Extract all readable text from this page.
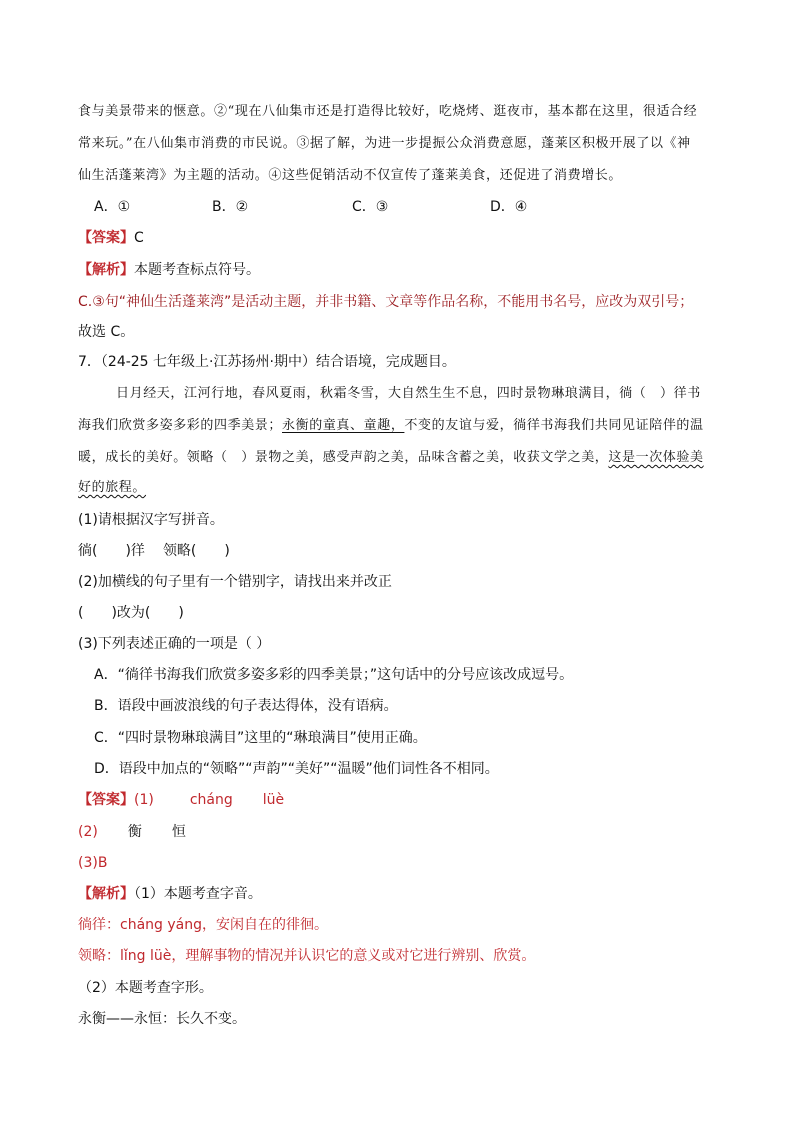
食与美景带来的惬意。②“现在八仙集市还是打造得比较好，吃烧烤、逛夜市，基本都在这里，很适合经
常来玩。”在八仙集市消费的市民说。③据了解，为进一步提振公众消费意愿，蓬莱区积极开展了以《神
仙生活蓬莱湾》为主题的活动。④这些促销活动不仅宣传了蓬莱美食，还促进了消费增长。
A．①	B．②	C．③	D．④
【答案】C
【解析】本题考查标点符号。
C.③句“神仙生活蓬莱湾”是活动主题，并非书籍、文章等作品名称，不能用书名号，应改为双引号；
故选 C。
7．（24-25 七年级上·江苏扬州·期中）结合语境，完成题目。
日月经天，江河行地，春风夏雨，秋霜冬雪，大自然生生不息，四时景物琳琅满目，徜（　）徉书
海我们欣赏多姿多彩的四季美景；永衡的童真、童趣，不变的友谊与爱，徜徉书海我们共同见证陪伴的温
暖，成长的美好。领略（　）景物之美，感受声韵之美，品味含蓄之美，收获文学之美，这是一次体验美
好的旅程。
(1)请根据汉字写拼音。
徜(　　)徉 领略(　　)
(2)加横线的句子里有一个错别字，请找出来并改正
(　　)改为(　　)
(3)下列表述正确的一项是（ ）
A．“徜徉书海我们欣赏多姿多彩的四季美景；”这句话中的分号应该改成逗号。
B．语段中画波浪线的句子表达得体，没有语病。
C．“四时景物琳琅满目”这里的“琳琅满目”使用正确。
D．语段中加点的“领略”“声韵”“美好”“温暖”他们词性各不相同。
【答案】(1)	cháng lüè
(2) 衡 恒
(3)B
【解析】（1）本题考查字音。
徜徉：cháng yáng，安闲自在的徘徊。
领略：lǐng lüè，理解事物的情况并认识它的意义或对它进行辨别、欣赏。
（2）本题考查字形。
永衡——永恒：长久不变。
